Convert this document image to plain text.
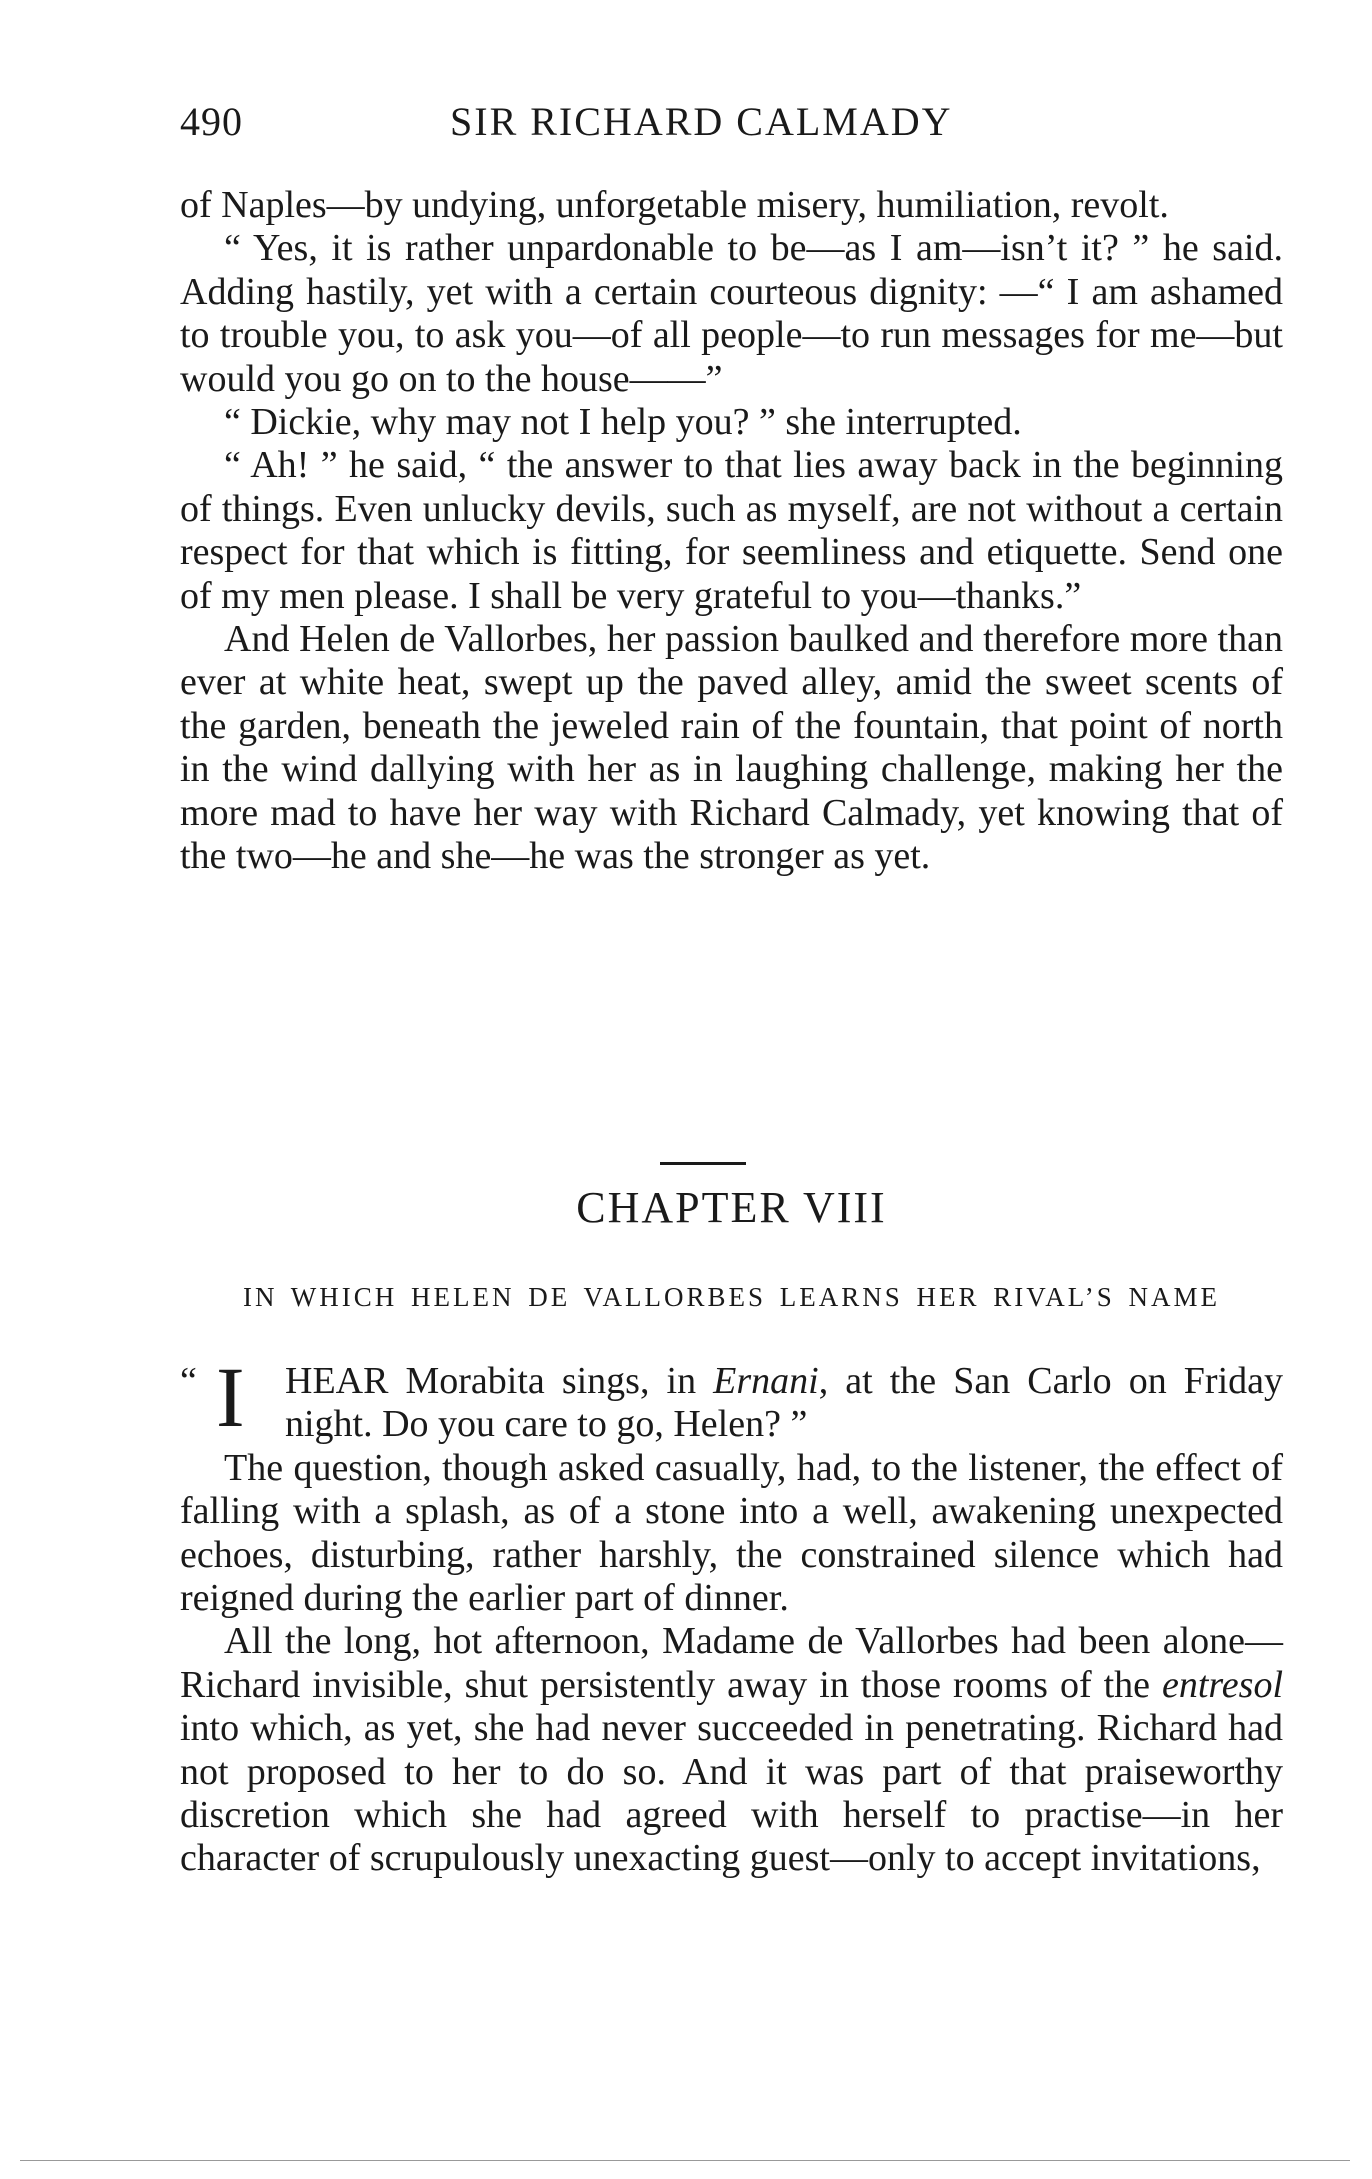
490	SIR RICHARD CALMADY

of Naples—by undying, unforgetable misery, humiliation, revolt.

“ Yes, it is rather unpardonable to be—as I am—isn’t it? ” he said. Adding hastily, yet with a certain courteous dignity: —“ I am ashamed to trouble you, to ask you—of all people—to run messages for me—but would you go on to the house——”

“ Dickie, why may not I help you? ” she interrupted.

“ Ah! ” he said, “ the answer to that lies away back in the beginning of things. Even unlucky devils, such as myself, are not without a certain respect for that which is fitting, for seemliness and etiquette. Send one of my men please. I shall be very grateful to you—thanks.”

And Helen de Vallorbes, her passion baulked and therefore more than ever at white heat, swept up the paved alley, amid the sweet scents of the garden, beneath the jeweled rain of the fountain, that point of north in the wind dallying with her as in laughing challenge, making her the more mad to have her way with Richard Calmady, yet knowing that of the two—he and she—he was the stronger as yet.

CHAPTER VIII
IN WHICH HELEN DE VALLORBES LEARNS HER RIVAL’S NAME
“ I HEAR Morabita sings, in Ernani, at the San Carlo on Friday night. Do you care to go, Helen? ”

The question, though asked casually, had, to the listener, the effect of falling with a splash, as of a stone into a well, awakening unexpected echoes, disturbing, rather harshly, the constrained silence which had reigned during the earlier part of dinner.

All the long, hot afternoon, Madame de Vallorbes had been alone—Richard invisible, shut persistently away in those rooms of the entresol into which, as yet, she had never succeeded in penetrating. Richard had not proposed to her to do so. And it was part of that praiseworthy discretion which she had agreed with herself to practise—in her character of scrupulously unexacting guest—only to accept invitations,
